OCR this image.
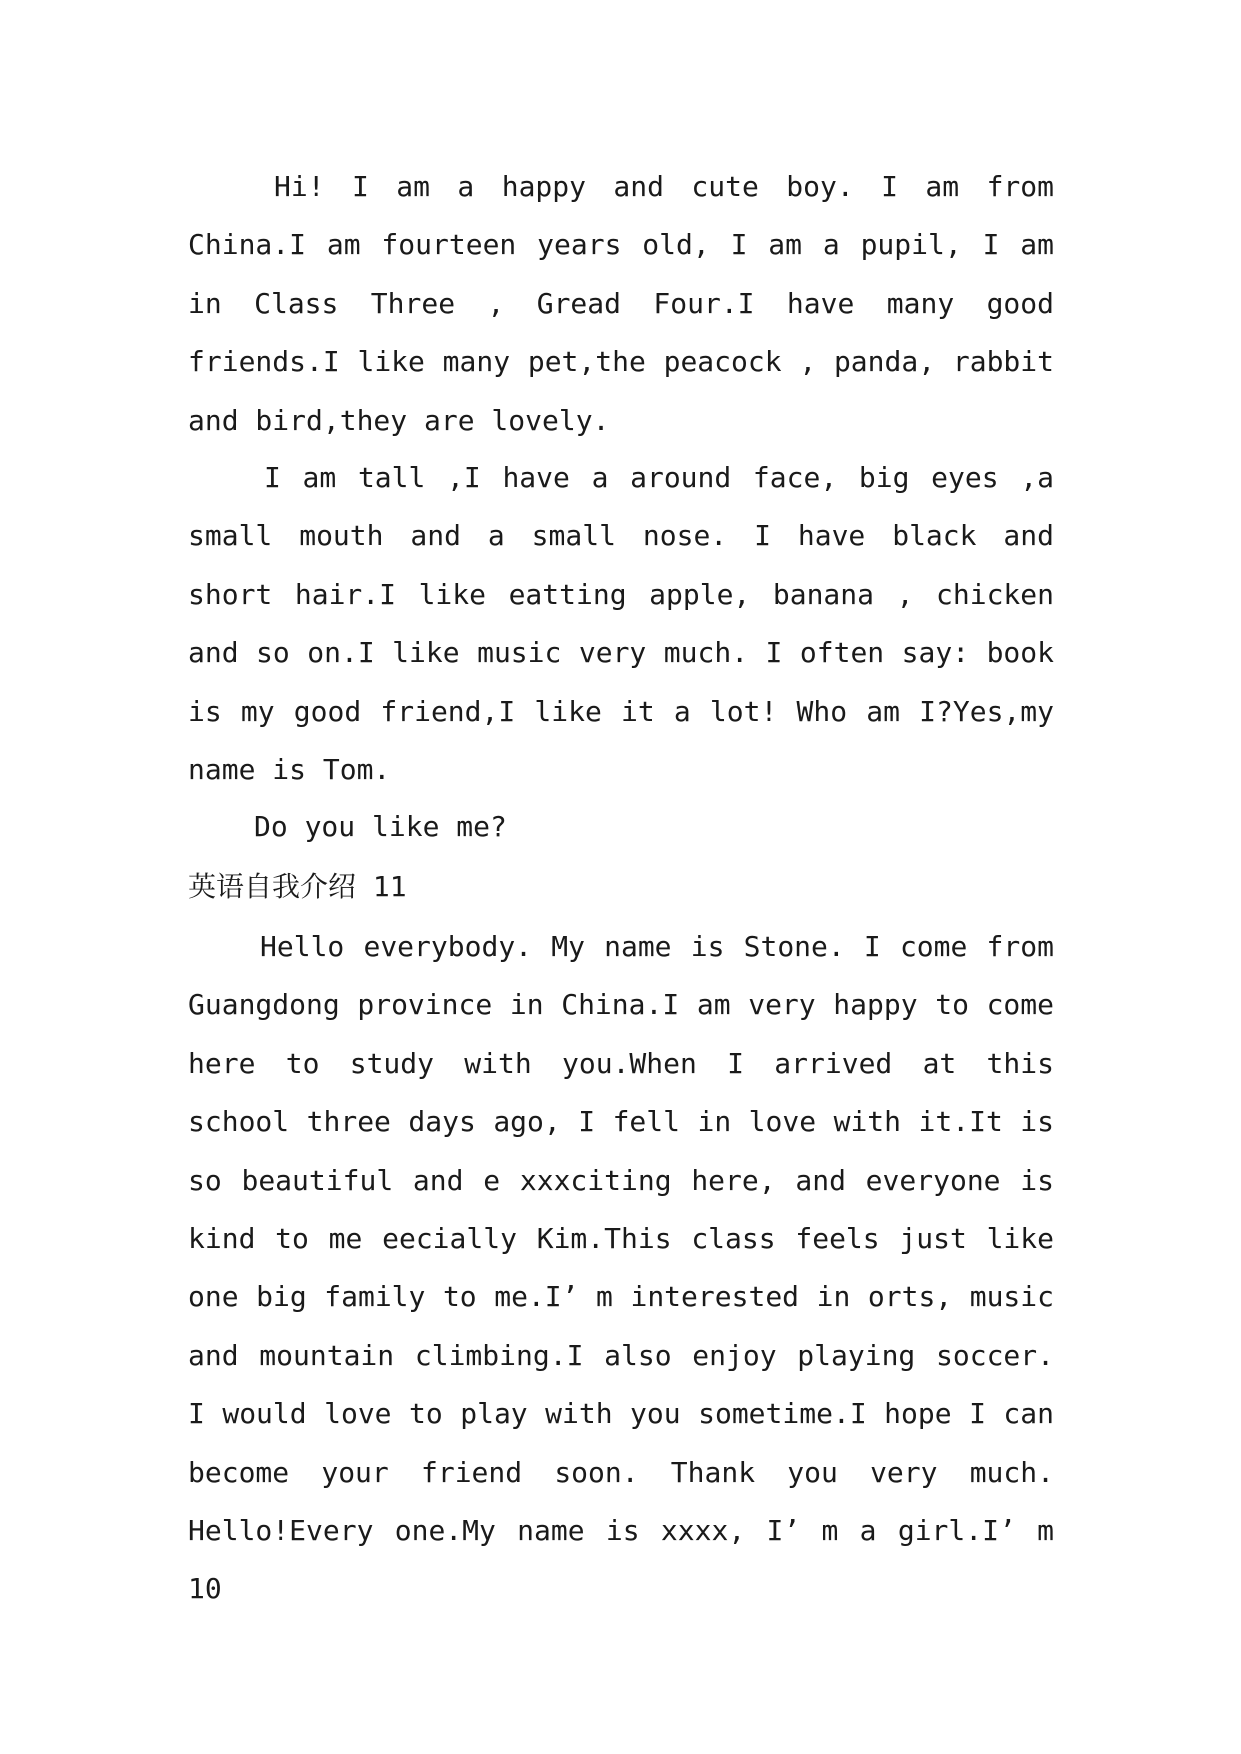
Hi! I am a happy and cute boy. I am from China.I am fourteen years old, I am a pupil, I am in Class Three , Gread Four.I have many good friends.I like many pet,the peacock , panda, rabbit and bird,they are lovely.
I am tall ,I have a around face, big eyes ,a small mouth and a small nose. I have black and short hair.I like eatting apple, banana , chicken and so on.I like music very much. I often say: book is my good friend,I like it a lot! Who am I?Yes,my name is Tom.
Do you like me?
英语自我介绍 11
Hello everybody. My name is Stone. I come from Guangdong province in China.I am very happy to come here to study with you.When I arrived at this school three days ago, I fell in love with it.It is so beautiful and e xxxciting here, and everyone is kind to me eecially Kim.This class feels just like one big family to me.I’ m interested in orts, music and mountain climbing.I also enjoy playing soccer. I would love to play with you sometime.I hope I can become your friend soon. Thank you very much. Hello!Every one.My name is xxxx, I’ m a girl.I’ m 10
